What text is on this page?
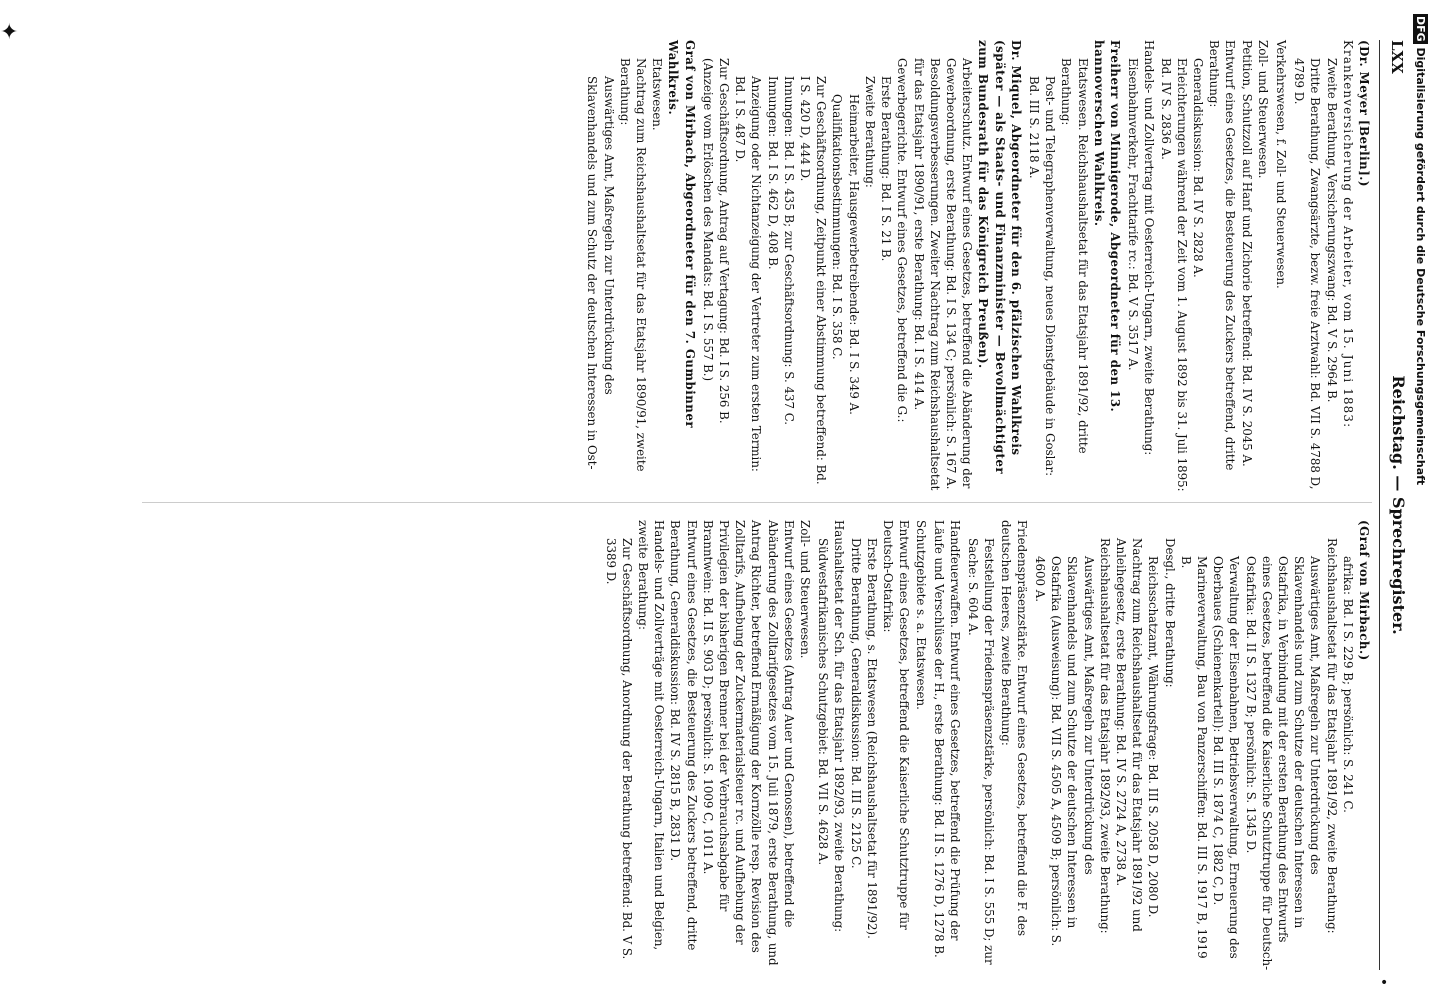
LXX
Reichstag. — Sprechregister.
(Dr. Meyer [Berlin].)
Krankenversicherung der Arbeiter, vom 15. Juni 1883:
Zweite Berathung, Versicherungszwang: Bd. V S. 2964 B.
Dritte Berathung, Zwangsärzte, bezw. freie Arztwahl: Bd. VII S. 4788 D, 4789 D.
Verkehrswesen, f. Zoll- und Steuerwesen.
Zoll- und Steuerwesen.
Petition, Schutzzoll auf Hanf und Zichorie betreffend: Bd. IV S. 2045 A.
Entwurf eines Gesetzes, die Besteuerung des Zuckers betreffend, dritte Berathung:
Generaldiskussion: Bd. IV S. 2828 A.
Erleichterungen während der Zeit vom 1. August 1892 bis 31. Juli 1895: Bd. IV S. 2836 A.
Handels- und Zollvertrag mit Oesterreich-Ungarn, zweite Berathung:
Eisenbahnverkehr, Frachttarife rc.: Bd. V S. 3517 A.
Freiherr von Minnigerode, Abgeordneter für den 13. hannoverschen Wahlkreis.
Etatswesen. Reichshaushaltsetat für das Etatsjahr 1891/92, dritte Berathung:
Post- und Telegraphenverwaltung, neues Dienstgebäude in Goslar: Bd. III S. 2118 A.
Dr. Miquel, Abgeordneter für den 6. pfälzischen Wahlkreis (später — als Staats- und Finanzminister — Bevollmächtigter zum Bundesrath für das Königreich Preußen).
Arbeiterschutz. Entwurf eines Gesetzes, betreffend die Abänderung der Gewerbeordnung, erste Berathung: Bd. I S. 134 C; persönlich: S. 167 A.
Besoldungsverbesserungen. Zweiter Nachtrag zum Reichshaushaltsetat für das Etatsjahr 1890/91, erste Berathung: Bd. I S. 414 A.
Gewerbegerichte. Entwurf eines Gesetzes, betreffend die G.:
Erste Berathung: Bd. I S. 21 B.
Zweite Berathung:
Heimarbeiter, Hausgewerbetreibende: Bd. I S. 349 A.
Qualifikationsbestimmungen: Bd. I S. 358 C.
Zur Geschäftsordnung, Zeitpunkt einer Abstimmung betreffend: Bd. I S. 420 D, 444 D.
Innungen: Bd. I S. 435 B; zur Geschäftsordnung: S. 437 C.
Innungen: Bd. I S. 462 D, 408 B.
Anzeigung oder Nichtanzeigung der Vertreter zum ersten Termin: Bd. I S. 487 D.
Zur Geschäftsordnung, Antrag auf Vertagung: Bd. I S. 256 B.
(Anzeige vom Erlöschen des Mandats: Bd. I S. 557 B.)
Graf von Mirbach, Abgeordneter für den 7. Gumbinner Wahlkreis.
Etatswesen.
Nachtrag zum Reichshaushaltsetat für das Etatsjahr 1890/91, zweite Berathung:
Auswärtiges Amt, Maßregeln zur Unterdrückung des Sklavenhandels und zum Schutz der deutschen Interessen in Ost-
(Graf von Mirbach.)
afrika: Bd. I S. 229 B; persönlich: S. 241 C.
Reichshaushaltsetat für das Etatsjahr 1891/92, zweite Berathung:
Auswärtiges Amt, Maßregeln zur Unterdrückung des Sklavenhandels und zum Schutze der deutschen Interessen in Ostafrika, in Verbindung mit der ersten Berathung des Entwurfs eines Gesetzes, betreffend die Kaiserliche Schutztruppe für Deutsch-Ostafrika: Bd. II S. 1327 B; persönlich: S. 1345 D.
Verwaltung der Eisenbahnen, Betriebsverwaltung, Erneuerung des Oberbaues (Schienenkartell): Bd. III S. 1874 C, 1882 C, D.
Marineverwaltung, Bau von Panzerschiffen: Bd. III S. 1917 B, 1919 B.
Desgl., dritte Berathung:
Reichsschatzamt, Währungsfrage: Bd. III S. 2058 D, 2080 D.
Nachtrag zum Reichshaushaltsetat für das Etatsjahr 1891/92 und Anleihegesetz, erste Berathung: Bd. IV S. 2724 A, 2738 A.
Reichshaushaltsetat für das Etatsjahr 1892/93, zweite Berathung:
Auswärtiges Amt, Maßregeln zur Unterdrückung des Sklavenhandels und zum Schutze der deutschen Interessen in Ostafrika (Ausweisung): Bd. VII S. 4505 A, 4509 B; persönlich: S. 4600 A.
Friedenspräsenzstärke. Entwurf eines Gesetzes, betreffend die F. des deutschen Heeres, zweite Berathung:
Feststellung der Friedenspräsenzstärke, persönlich: Bd. I S. 555 D; zur Sache: S. 604 A.
Handfeuerwaffen. Entwurf eines Gesetzes, betreffend die Prüfung der Läufe und Verschlüsse der H., erste Berathung: Bd. II S. 1276 D, 1278 B.
Schutzgebiete s. a. Etatswesen.
Entwurf eines Gesetzes, betreffend die Kaiserliche Schutztruppe für Deutsch-Ostafrika:
Erste Berathung, s. Etatswesen (Reichshaushaltsetat für 1891/92).
Dritte Berathung, Generaldiskussion: Bd. III S. 2125 C.
Haushaltsetat der Sch. für das Etatsjahr 1892/93, zweite Berathung:
Südwestafrikanisches Schutzgebiet: Bd. VII S. 4628 A.
Zoll- und Steuerwesen.
Entwurf eines Gesetzes (Antrag Auer und Genossen), betreffend die Abänderung des Zolltarifgesetzes vom 15. Juli 1879, erste Berathung, und Antrag Richter, betreffend Ermäßigung der Kornzölle resp. Revision des Zolltarifs, Aufhebung der Zuckermaterialsteuer rc. und Aufhebung der Privilegien der bisherigen Brenner bei der Verbrauchsabgabe für Branntwein: Bd. II S. 903 D; persönlich: S. 1009 C, 1011 A.
Entwurf eines Gesetzes, die Besteuerung des Zuckers betreffend, dritte Berathung, Generaldiskussion: Bd. IV S. 2815 B, 2831 D.
Handels- und Zollverträge mit Oesterreich-Ungarn, Italien und Belgien, zweite Berathung:
Zur Geschäftsordnung, Anordnung der Berathung betreffend: Bd. V S. 3389 D.
✦
•
DFG Digitalisierung gefördert durch die Deutsche Forschungsgemeinschaft
